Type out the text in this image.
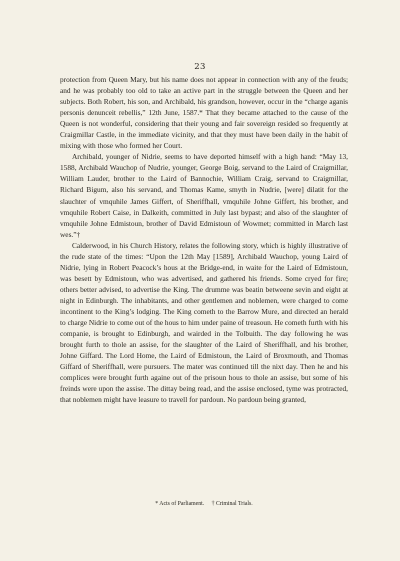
23

protection from Queen Mary, but his name does not appear in connection with any of the feuds; and he was probably too old to take an active part in the struggle between the Queen and her subjects. Both Robert, his son, and Archibald, his grandson, however, occur in the “charge aganis personis denunceit rebellis,” 12th June, 1587.* That they became attached to the cause of the Queen is not wonderful, considering that their young and fair sovereign resided so frequently at Craigmillar Castle, in the immediate vicinity, and that they must have been daily in the habit of mixing with those who formed her Court.

Archibald, younger of Nidrie, seems to have deported himself with a high hand: “May 13, 1588, Archibald Wauchop of Nudrie, younger, George Boig, servand to the Laird of Craigmillar, William Lauder, brother to the Laird of Bannochie, William Craig, servand to Craigmillar, Richard Bigum, also his servand, and Thomas Kame, smyth in Nudrie, [were] dilatit for the slauchter of vmquhile James Giffert, of Sheriffhall, vmquhile Johne Giffert, his brother, and vmquhile Robert Caise, in Dalkeith, committed in July last bypast; and also of the slaughter of vmquhile Johne Edmistoun, brother of David Edmistoun of Wowmet; committed in March last wes.”†

Calderwood, in his Church History, relates the following story, which is highly illustrative of the rude state of the times: “Upon the 12th May [1589], Archibald Wauchop, young Laird of Nidrie, lying in Robert Peacock’s hous at the Bridge-end, in waite for the Laird of Edmistoun, was besett by Edmistoun, who was advertised, and gathered his friends. Some cryed for fire; others better advised, to advertise the King. The drumme was beatin betweene sevin and eight at night in Edinburgh. The inhabitants, and other gentlemen and noblemen, were charged to come incontinent to the King’s lodging. The King cometh to the Barrow Mure, and directed an herald to charge Nidrie to come out of the hous to him under paine of treasoun. He cometh furth with his companie, is brought to Edinburgh, and wairded in the Tolbuith. The day following he was brought furth to thole an assise, for the slaughter of the Laird of Sheriffhall, and his brother, Johne Giffard. The Lord Home, the Laird of Edmistoun, the Laird of Broxmouth, and Thomas Giffard of Sheriffhall, were pursuers. The mater was continued till the nixt day. Then he and his complices were brought furth againe out of the prisoun hous to thole an assise, but some of his freinds were upon the assise. The dittay being read, and the assise enclosed, tyme was protracted, that noblemen might have leasure to travell for pardoun. No pardoun being granted,

* Acts of Parliament. † Criminal Trials.
